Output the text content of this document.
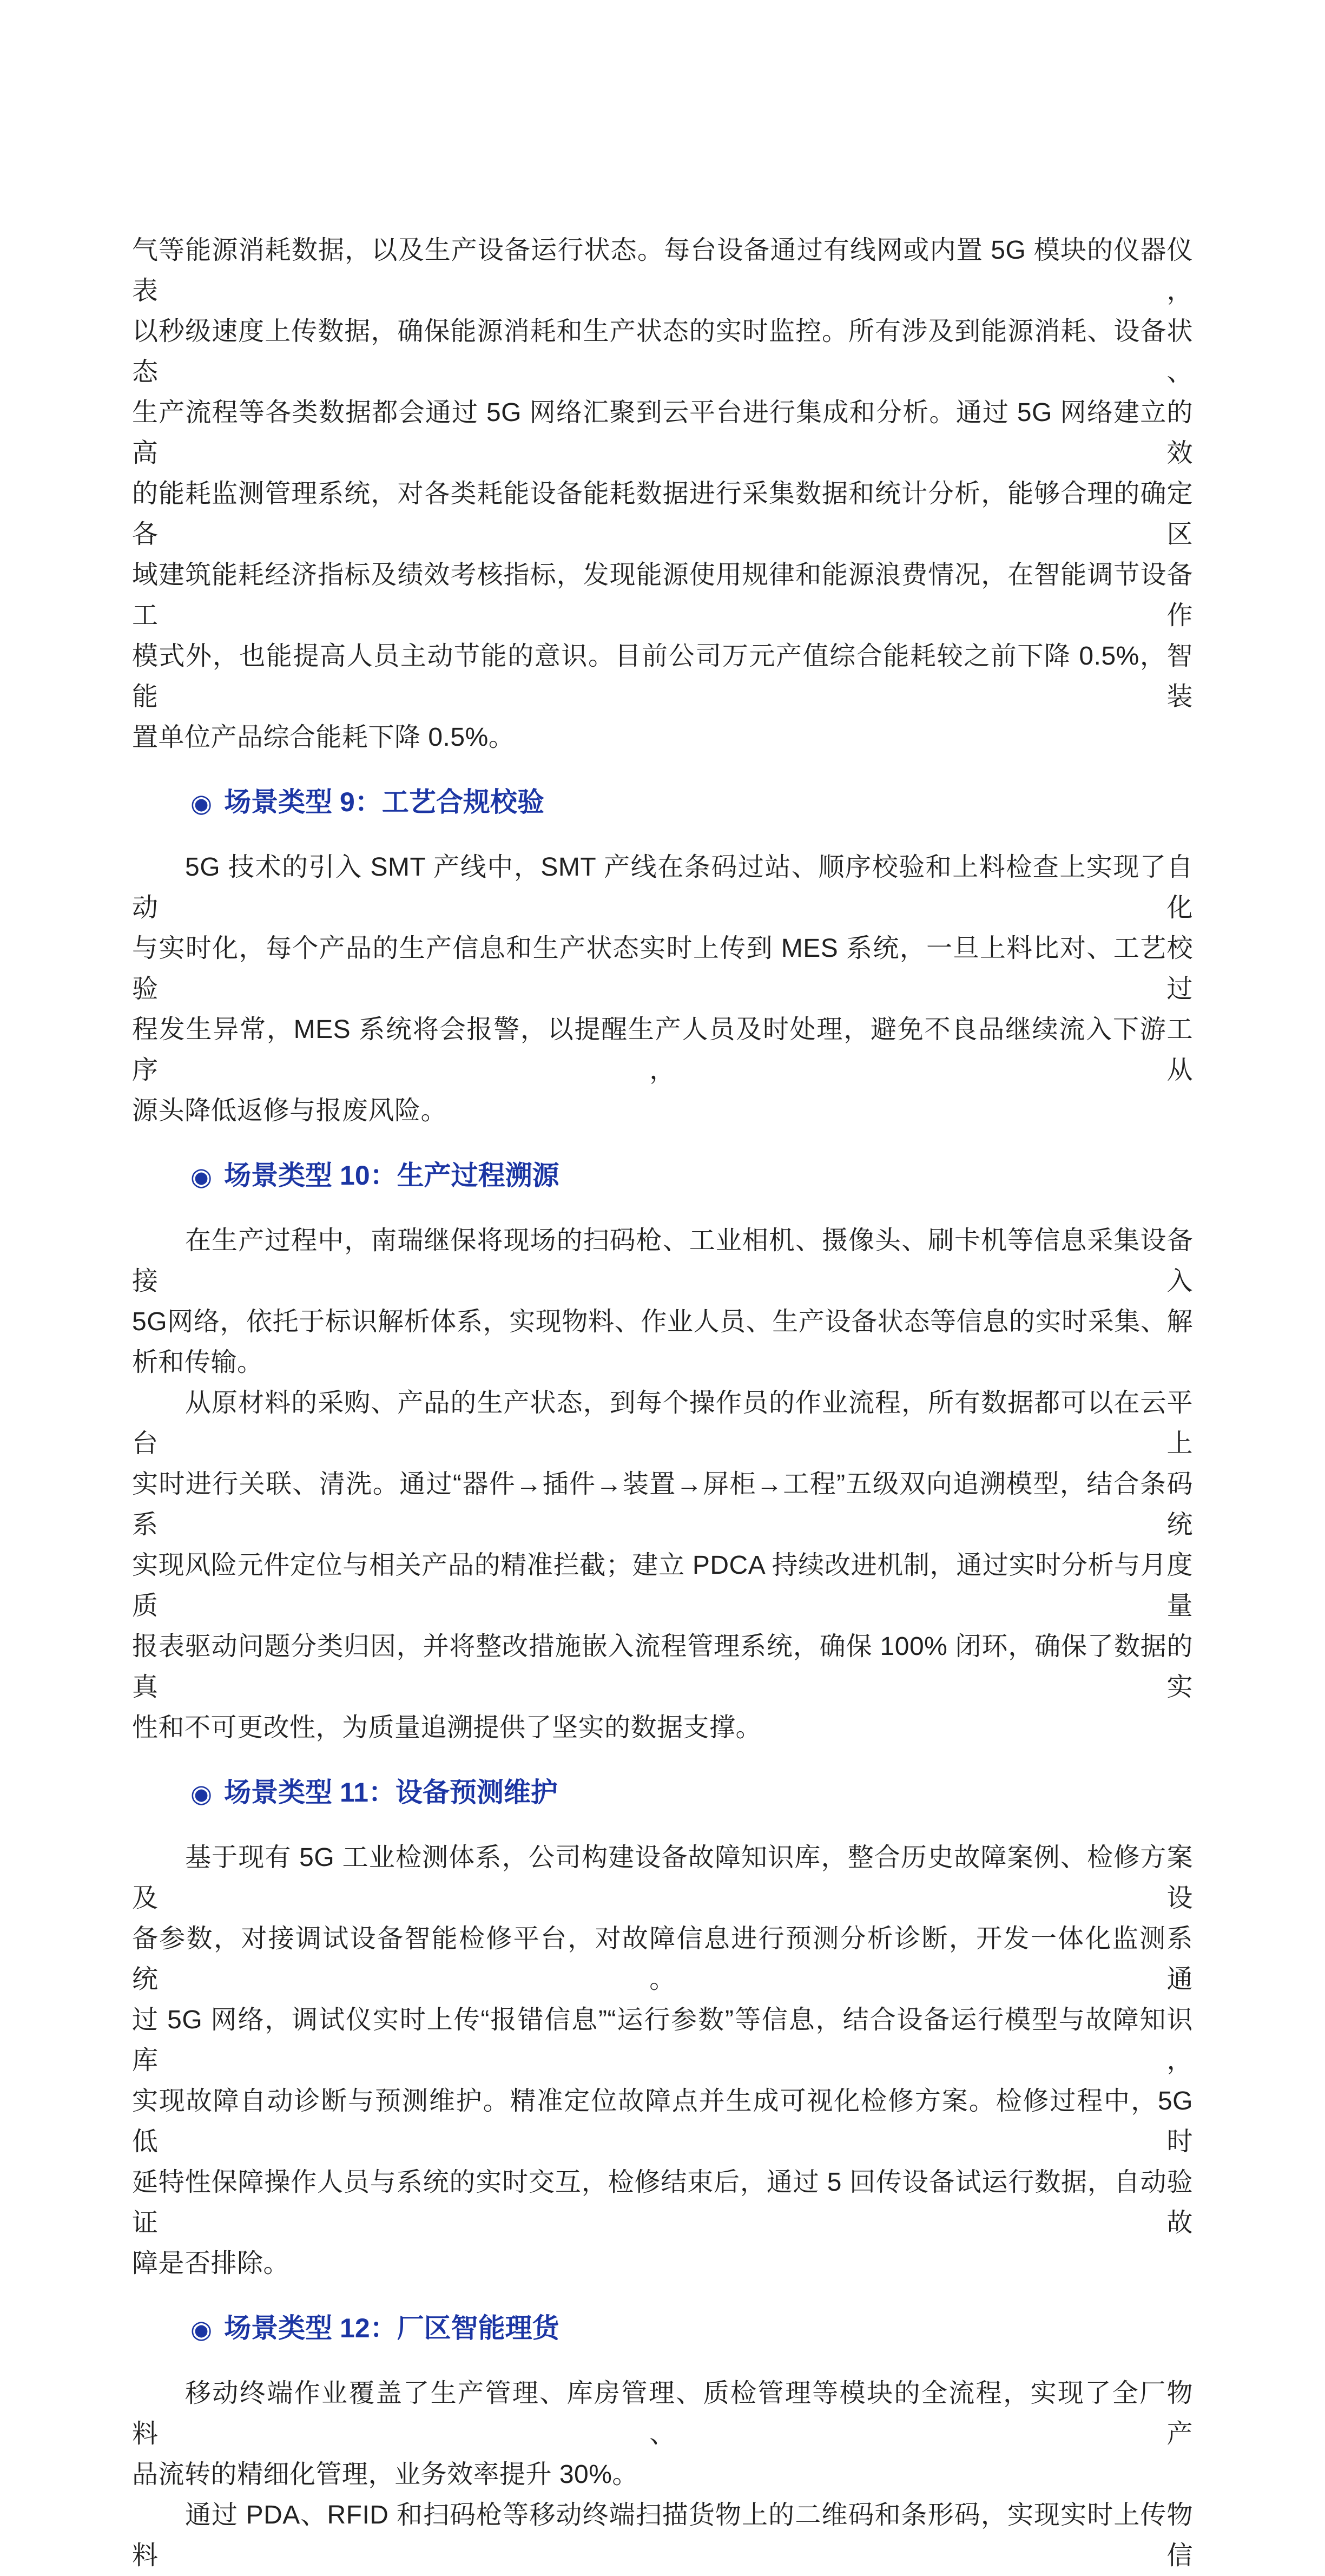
气等能源消耗数据，以及生产设备运行状态。每台设备通过有线网或内置 5G 模块的仪器仪表，
以秒级速度上传数据，确保能源消耗和生产状态的实时监控。所有涉及到能源消耗、设备状态、
生产流程等各类数据都会通过 5G 网络汇聚到云平台进行集成和分析。通过 5G 网络建立的高效
的能耗监测管理系统，对各类耗能设备能耗数据进行采集数据和统计分析，能够合理的确定各区
域建筑能耗经济指标及绩效考核指标，发现能源使用规律和能源浪费情况，在智能调节设备工作
模式外，也能提高人员主动节能的意识。目前公司万元产值综合能耗较之前下降 0.5%，智能装
置单位产品综合能耗下降 0.5%。

◉ 场景类型 9：工艺合规校验

5G 技术的引入 SMT 产线中，SMT 产线在条码过站、顺序校验和上料检查上实现了自动化
与实时化，每个产品的生产信息和生产状态实时上传到 MES 系统，一旦上料比对、工艺校验过
程发生异常，MES 系统将会报警，以提醒生产人员及时处理，避免不良品继续流入下游工序，从
源头降低返修与报废风险。

◉ 场景类型 10：生产过程溯源

在生产过程中，南瑞继保将现场的扫码枪、工业相机、摄像头、刷卡机等信息采集设备接入
5G网络，依托于标识解析体系，实现物料、作业人员、生产设备状态等信息的实时采集、解析和传输。

从原材料的采购、产品的生产状态，到每个操作员的作业流程，所有数据都可以在云平台上
实时进行关联、清洗。通过“器件→插件→装置→屏柜→工程”五级双向追溯模型，结合条码系统
实现风险元件定位与相关产品的精准拦截；建立 PDCA 持续改进机制，通过实时分析与月度质量
报表驱动问题分类归因，并将整改措施嵌入流程管理系统，确保 100% 闭环，确保了数据的真实
性和不可更改性，为质量追溯提供了坚实的数据支撑。

◉ 场景类型 11：设备预测维护

基于现有 5G 工业检测体系，公司构建设备故障知识库，整合历史故障案例、检修方案及设
备参数，对接调试设备智能检修平台，对故障信息进行预测分析诊断，开发一体化监测系统。通
过 5G 网络，调试仪实时上传“报错信息”“运行参数”等信息，结合设备运行模型与故障知识库，
实现故障自动诊断与预测维护。精准定位故障点并生成可视化检修方案。检修过程中，5G 低时
延特性保障操作人员与系统的实时交互，检修结束后，通过 5 回传设备试运行数据，自动验证故
障是否排除。

◉ 场景类型 12：厂区智能理货

移动终端作业覆盖了生产管理、库房管理、质检管理等模块的全流程，实现了全厂物料、产
品流转的精细化管理，业务效率提升 30%。

通过 PDA、RFID 和扫码枪等移动终端扫描货物上的二维码和条形码，实现实时上传物料信
